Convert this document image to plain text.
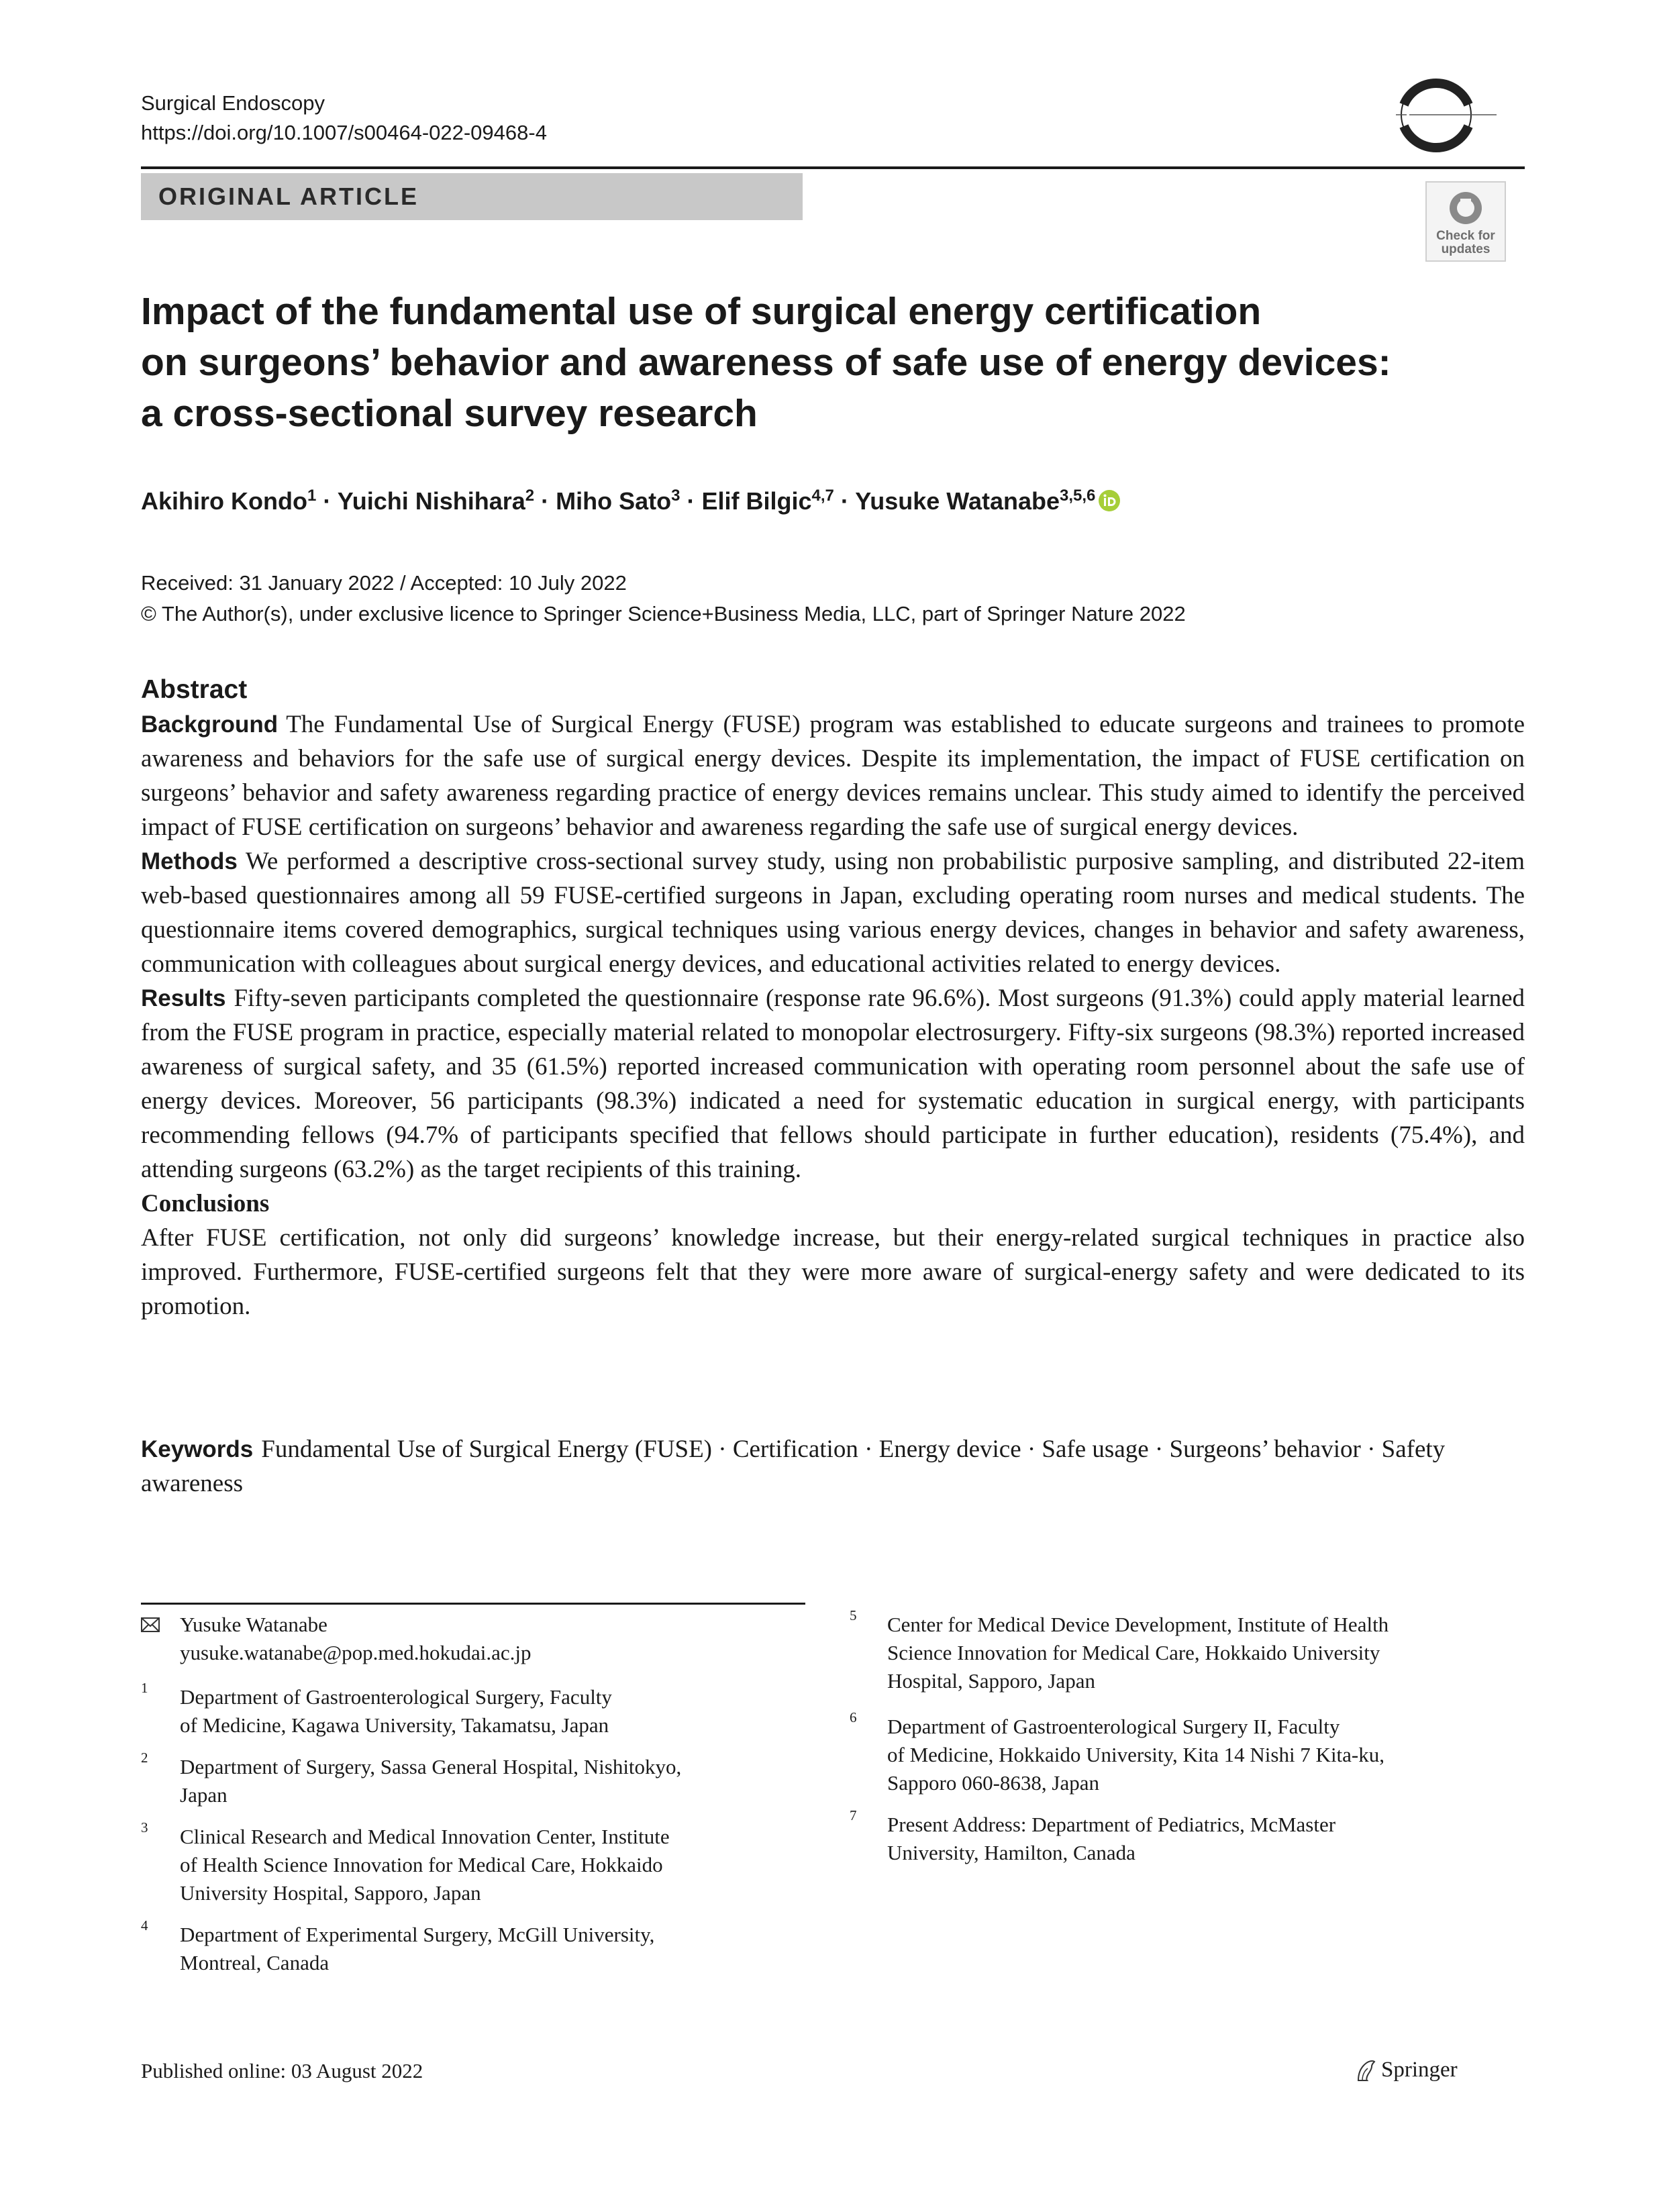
Surgical Endoscopy
https://doi.org/10.1007/s00464-022-09468-4
ORIGINAL ARTICLE
Check for
updates
Impact of the fundamental use of surgical energy certification
on surgeons’ behavior and awareness of safe use of energy devices:
a cross-sectional survey research
Akihiro Kondo$^1$ · Yuichi Nishihara$^2$ · Miho Sato$^3$ · Elif Bilgic$^{4,7}$ · Yusuke Watanabe$^{3,5,6}$
Received: 31 January 2022 / Accepted: 10 July 2022
© The Author(s), under exclusive licence to Springer Science+Business Media, LLC, part of Springer Nature 2022
Abstract

Background The Fundamental Use of Surgical Energy (FUSE) program was established to educate surgeons and trainees to promote awareness and behaviors for the safe use of surgical energy devices. Despite its implementation, the impact of FUSE certification on surgeons’ behavior and safety awareness regarding practice of energy devices remains unclear. This study aimed to identify the perceived impact of FUSE certification on surgeons’ behavior and awareness regarding the safe use of surgical energy devices.

Methods We performed a descriptive cross-sectional survey study, using non probabilistic purposive sampling, and distributed 22-item web-based questionnaires among all 59 FUSE-certified surgeons in Japan, excluding operating room nurses and medical students. The questionnaire items covered demographics, surgical techniques using various energy devices, changes in behavior and safety awareness, communication with colleagues about surgical energy devices, and educational activities related to energy devices.

Results Fifty-seven participants completed the questionnaire (response rate 96.6%). Most surgeons (91.3%) could apply material learned from the FUSE program in practice, especially material related to monopolar electrosurgery. Fifty-six surgeons (98.3%) reported increased awareness of surgical safety, and 35 (61.5%) reported increased communication with operating room personnel about the safe use of energy devices. Moreover, 56 participants (98.3%) indicated a need for systematic education in surgical energy, with participants recommending fellows (94.7% of participants specified that fellows should participate in further education), residents (75.4%), and attending surgeons (63.2%) as the target recipients of this training.

Conclusions
After FUSE certification, not only did surgeons’ knowledge increase, but their energy-related surgical techniques in practice also improved. Furthermore, FUSE-certified surgeons felt that they were more aware of surgical-energy safety and were dedicated to its promotion.

Keywords Fundamental Use of Surgical Energy (FUSE) · Certification · Energy device · Safe usage · Surgeons’ behavior · Safety awareness
Yusuke Watanabe
yusuke.watanabe@pop.med.hokudai.ac.jp
1 Department of Gastroenterological Surgery, Faculty
of Medicine, Kagawa University, Takamatsu, Japan
2 Department of Surgery, Sassa General Hospital, Nishitokyo,
Japan
3 Clinical Research and Medical Innovation Center, Institute
of Health Science Innovation for Medical Care, Hokkaido
University Hospital, Sapporo, Japan
4 Department of Experimental Surgery, McGill University,
Montreal, Canada
5 Center for Medical Device Development, Institute of Health
Science Innovation for Medical Care, Hokkaido University
Hospital, Sapporo, Japan
6 Department of Gastroenterological Surgery II, Faculty
of Medicine, Hokkaido University, Kita 14 Nishi 7 Kita-ku,
Sapporo 060-8638, Japan
7 Present Address: Department of Pediatrics, McMaster
University, Hamilton, Canada
Published online: 03 August 2022	Springer
